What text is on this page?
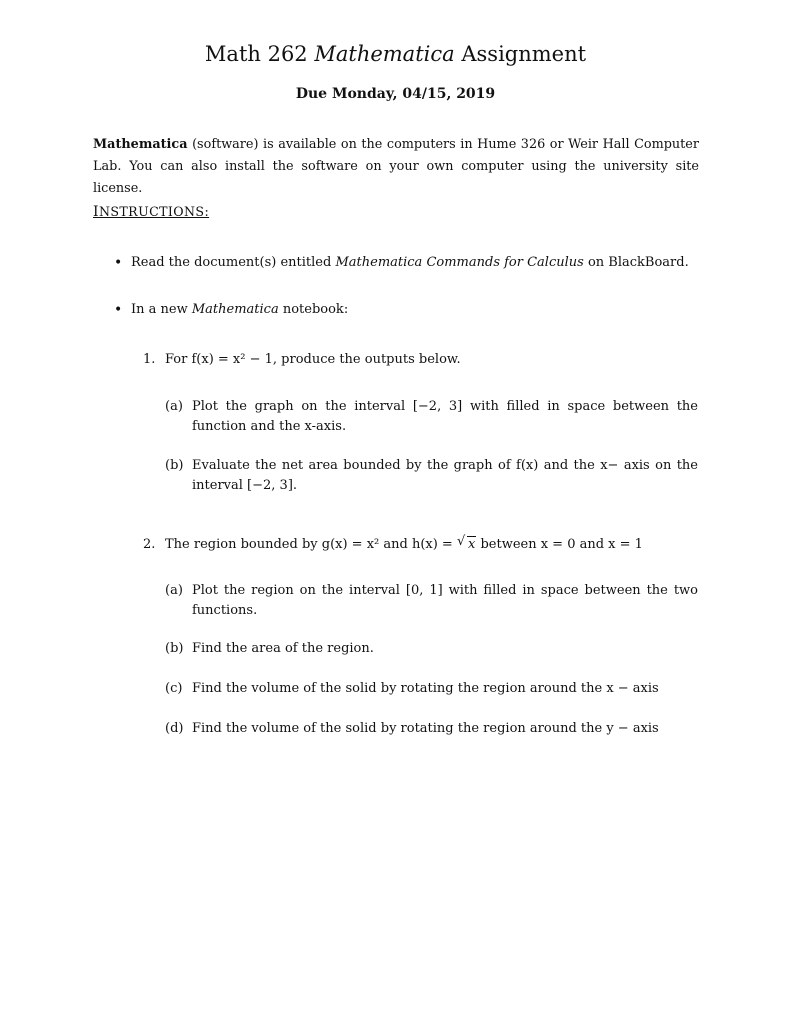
Math 262 Mathematica Assignment
Due Monday, 04/15, 2019
Mathematica (software) is available on the computers in Hume 326 or Weir Hall Computer Lab. You can also install the software on your own computer using the university site license.
INSTRUCTIONS:
• Read the document(s) entitled Mathematica Commands for Calculus on BlackBoard.
• In a new Mathematica notebook:
1. For f(x) = x² − 1, produce the outputs below.
(a) Plot the graph on the interval [−2, 3] with filled in space between the function and the x-axis.
(b) Evaluate the net area bounded by the graph of f(x) and the x− axis on the interval [−2, 3].
2. The region bounded by g(x) = x² and h(x) = √ x between x = 0 and x = 1
(a) Plot the region on the interval [0, 1] with filled in space between the two functions.
(b) Find the area of the region.
(c) Find the volume of the solid by rotating the region around the x − axis
(d) Find the volume of the solid by rotating the region around the y − axis
